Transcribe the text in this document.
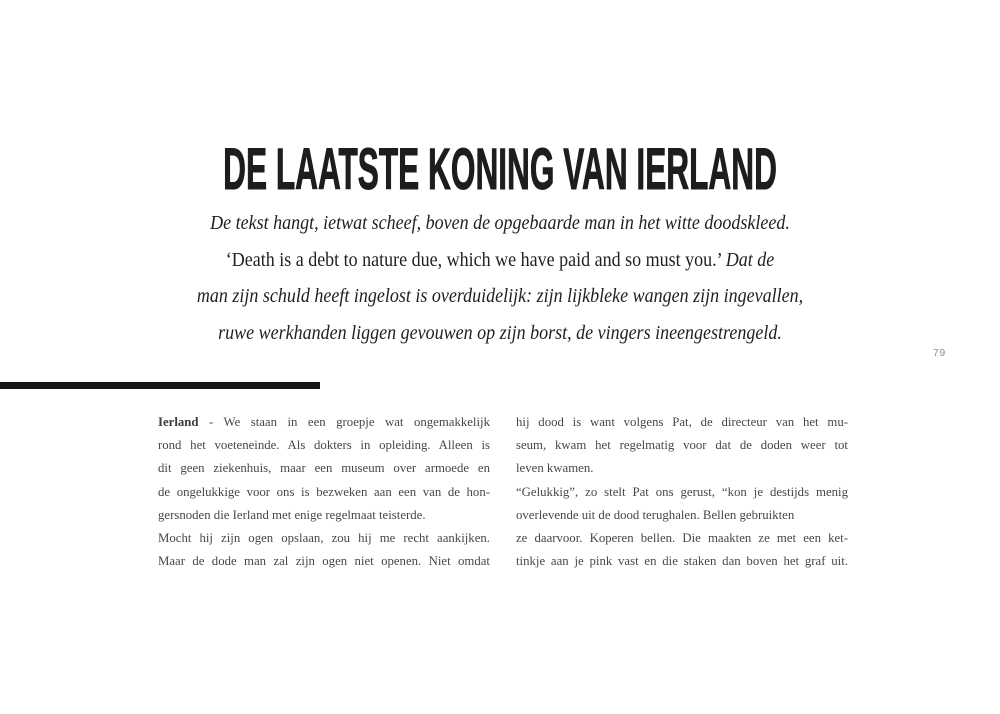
DE LAATSTE KONING VAN IERLAND
De tekst hangt, ietwat scheef, boven de opgebaarde man in het witte doodskleed.
‘Death is a debt to nature due, which we have paid and so must you.’ Dat de
man zijn schuld heeft ingelost is overduidelijk: zijn lijkbleke wangen zijn ingevallen,
ruwe werkhanden liggen gevouwen op zijn borst, de vingers ineengestrengeld.
79
Ierland - We staan in een groepje wat ongemakkelijk
rond het voeteneinde. Als dokters in opleiding. Alleen is
dit geen ziekenhuis, maar een museum over armoede en
de ongelukkige voor ons is bezweken aan een van de hon-
gersnoden die Ierland met enige regelmaat teisterde.
Mocht hij zijn ogen opslaan, zou hij me recht aankijken.
Maar de dode man zal zijn ogen niet openen. Niet omdat
hij dood is want volgens Pat, de directeur van het mu-
seum, kwam het regelmatig voor dat de doden weer tot
leven kwamen.
“Gelukkig”, zo stelt Pat ons gerust, “kon je destijds menig
overlevende uit de dood terughalen. Bellen gebruikten
ze daarvoor. Koperen bellen. Die maakten ze met een ket-
tinkje aan je pink vast en die staken dan boven het graf uit.
